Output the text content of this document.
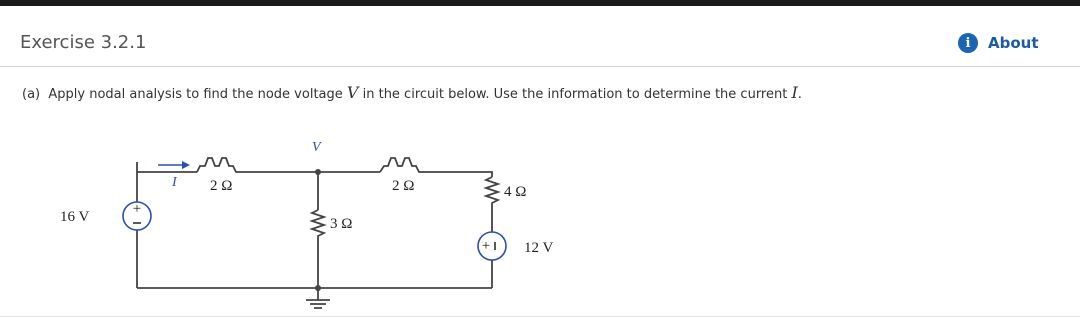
Exercise 3.2.1	i	About
(a) Apply nodal analysis to find the node voltage V in the circuit below. Use the information to determine the current I.
+
+
I 2 Ω
V
2 Ω	4 Ω
3 Ω
16 V
12 V
